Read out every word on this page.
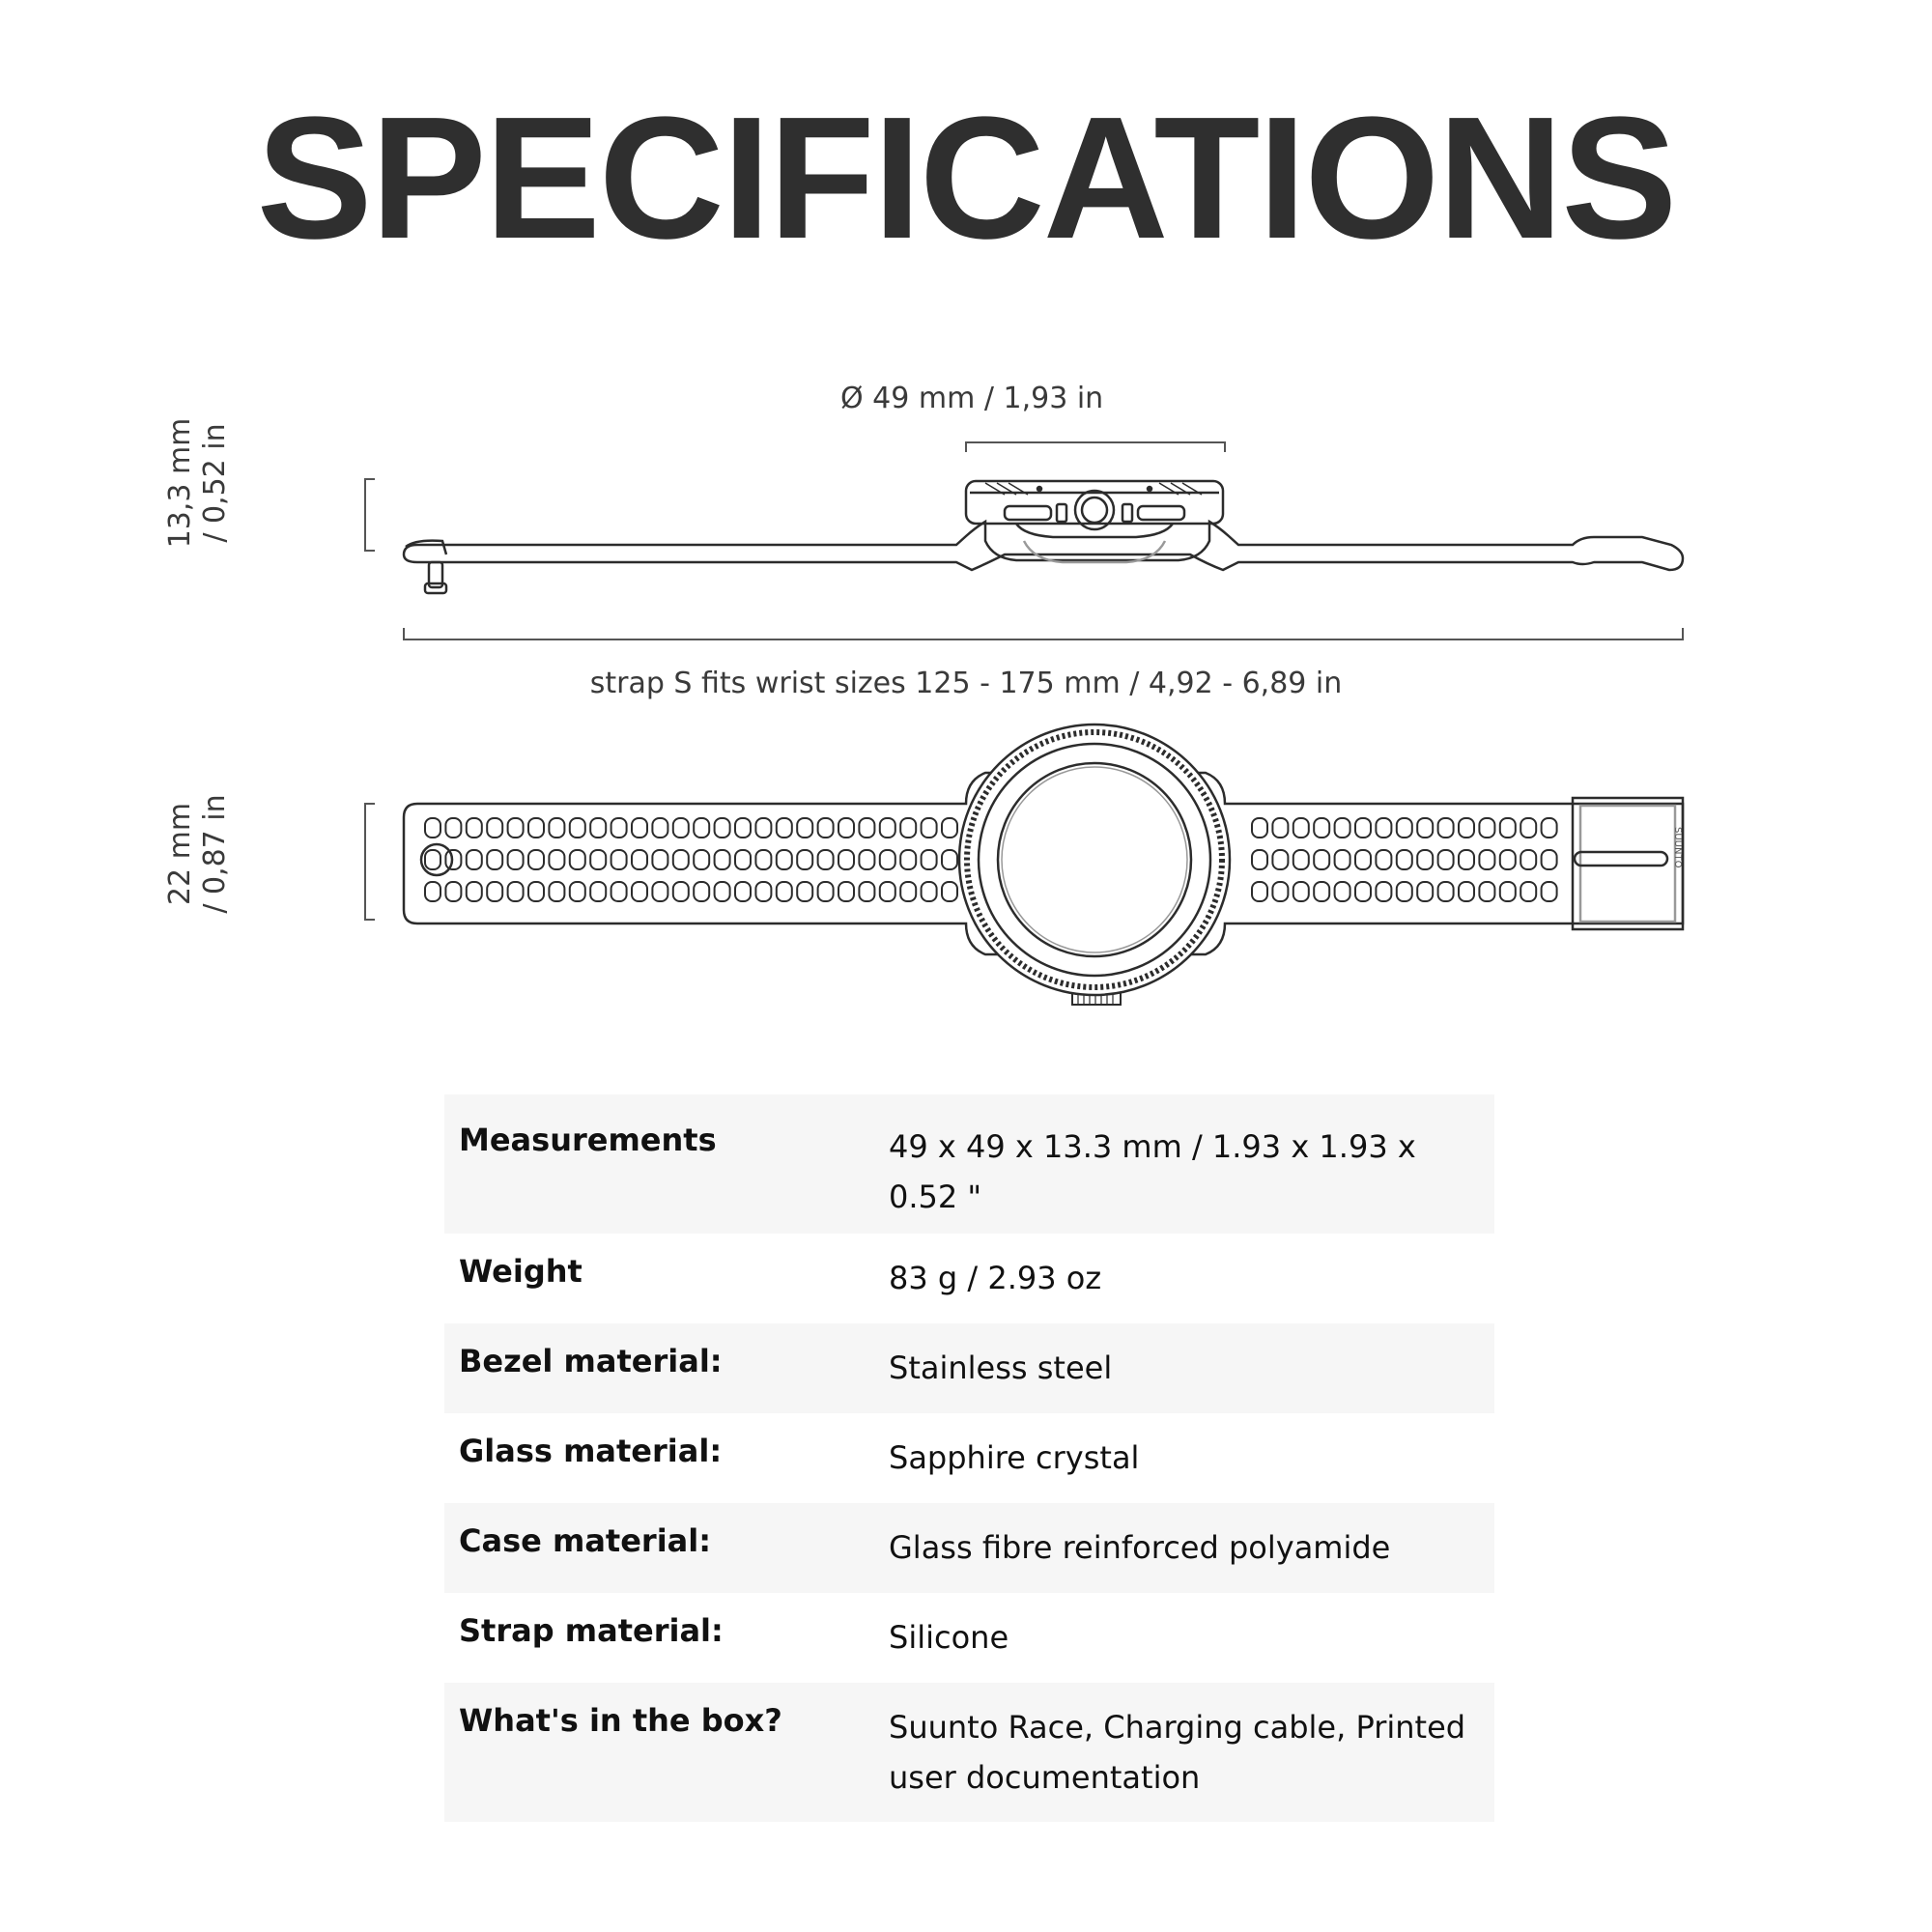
SPECIFICATIONS
Ø 49 mm / 1,93 in
13,3 mm / 0,52 in
strap S fits wrist sizes 125 - 175 mm / 4,92 - 6,89 in
22 mm / 0,87 in	SUUNTO
Measurements	49 x 49 x 13.3 mm / 1.93 x 1.93 x 0.52 "
Weight	83 g / 2.93 oz
Bezel material:	Stainless steel
Glass material:	Sapphire crystal
Case material:	Glass fibre reinforced polyamide
Strap material:	Silicone
What's in the box?	Suunto Race, Charging cable, Printed user documentation
